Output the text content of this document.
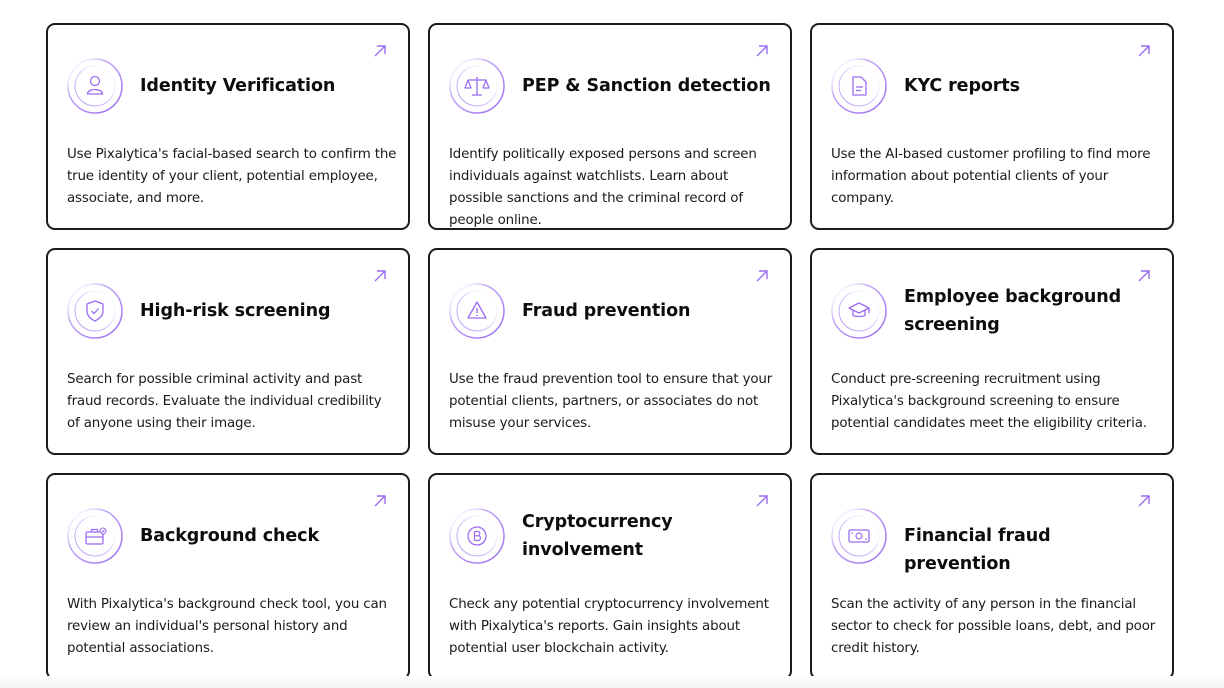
Identity Verification
Use Pixalytica's facial-based search to confirm the true identity of your client, potential employee, associate, and more.
PEP & Sanction detection
Identify politically exposed persons and screen individuals against watchlists. Learn about possible sanctions and the criminal record of people online.
KYC reports
Use the AI-based customer profiling to find more information about potential clients of your company.
High-risk screening
Search for possible criminal activity and past fraud records. Evaluate the individual credibility of anyone using their image.
Fraud prevention
Use the fraud prevention tool to ensure that your potential clients, partners, or associates do not misuse your services.
Employee background screening
Conduct pre-screening recruitment using Pixalytica's background screening to ensure potential candidates meet the eligibility criteria.
Background check
With Pixalytica's background check tool, you can review an individual's personal history and potential associations.
Cryptocurrency involvement
Check any potential cryptocurrency involvement with Pixalytica's reports. Gain insights about potential user blockchain activity.
Financial fraud prevention
Scan the activity of any person in the financial sector to check for possible loans, debt, and poor credit history.
